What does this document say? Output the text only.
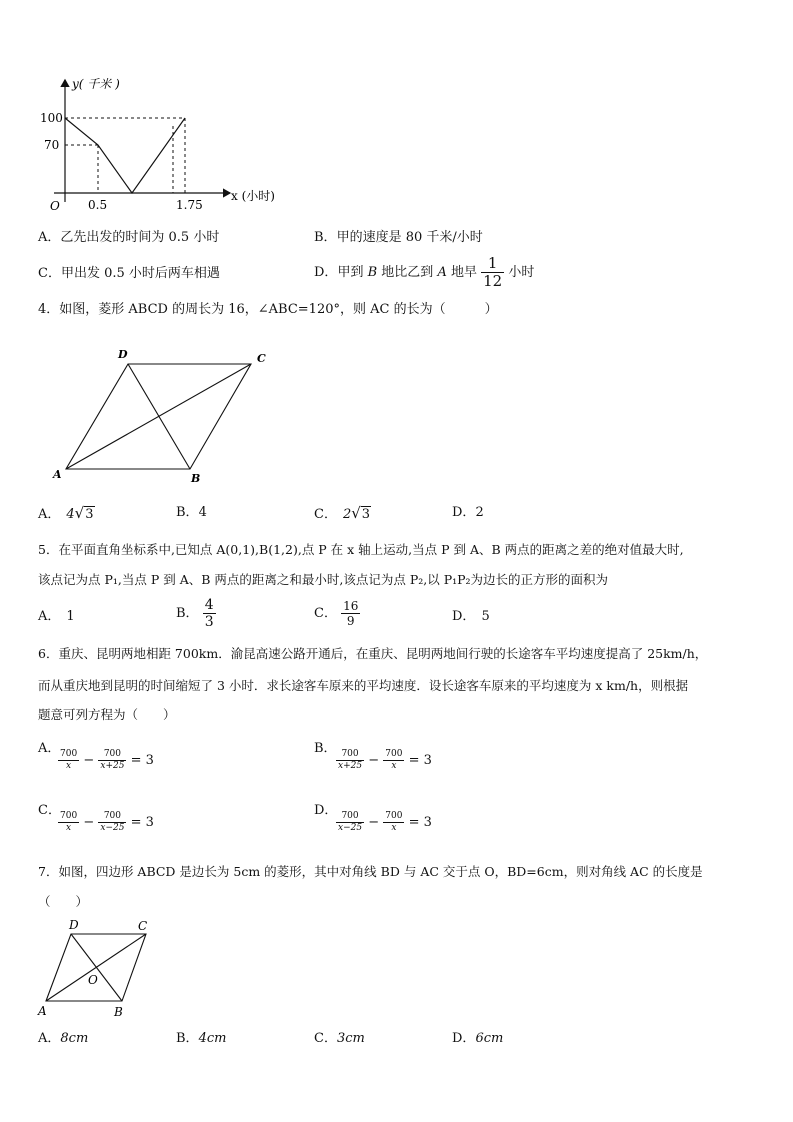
y( 千米 )
x (小时)
O
100
70
0.5	1.75
A．乙先出发的时间为 0.5 小时	B．甲的速度是 80 千米/小时
C．甲出发 0.5 小时后两车相遇	D．甲到 B 地比乙到 A 地早 $\frac{1}{12}$ 小时
4．如图，菱形 ABCD 的周长为 16，∠ABC=120°，则 AC 的长为（　　　）
D	C
A	B
A． 4√3	B．4	C． 2√3	D．2
5．在平面直角坐标系中,已知点 A(0,1),B(1,2),点 P 在 x 轴上运动,当点 P 到 A、B 两点的距离之差的绝对值最大时,
该点记为点 P₁,当点 P 到 A、B 两点的距离之和最小时,该点记为点 P₂,以 P₁P₂为边长的正方形的面积为
A． 1	B． $\frac{4}{3}$	C． $\frac{16}{9}$	D． 5
6．重庆、昆明两地相距 700km．渝昆高速公路开通后，在重庆、昆明两地间行驶的长途客车平均速度提高了 25km/h，
而从重庆地到昆明的时间缩短了 3 小时．求长途客车原来的平均速度．设长途客车原来的平均速度为 x km/h，则根据
题意可列方程为（　　）
A．
$\frac{700}{x} - \frac{700}{x+25} = 3$
B．
$\frac{700}{x+25} - \frac{700}{x} = 3$
C．
$\frac{700}{x} - \frac{700}{x-25} = 3$
D．
$\frac{700}{x-25} - \frac{700}{x} = 3$
7．如图，四边形 ABCD 是边长为 5cm 的菱形，其中对角线 BD 与 AC 交于点 O，BD=6cm，则对角线 AC 的长度是
（　　）
D	C
A	B
O
A．8cm	B．4cm	C．3cm	D．6cm
